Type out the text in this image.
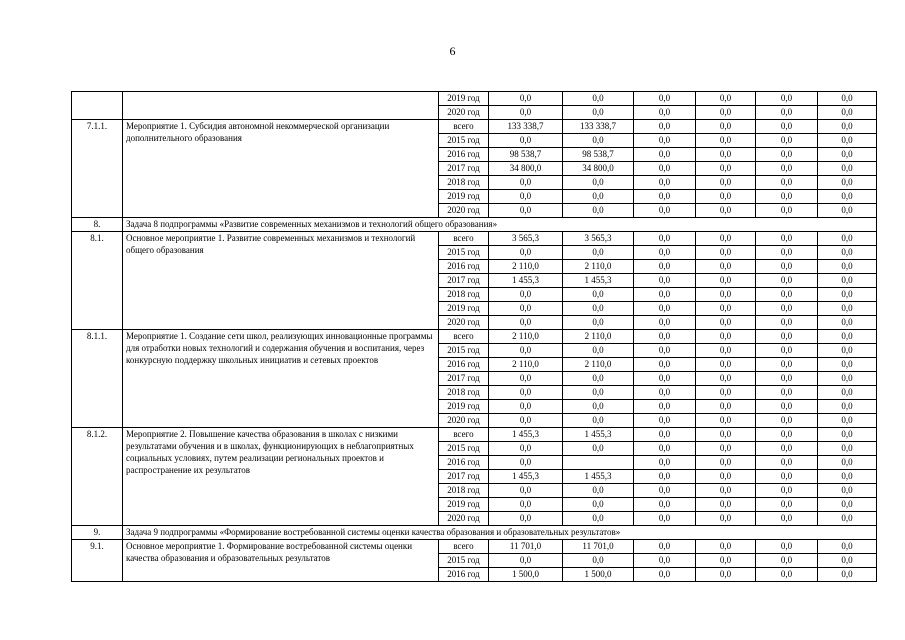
6
		2019 год	0,0	0,0	0,0	0,0	0,0	0,0
		2020 год	0,0	0,0	0,0	0,0	0,0	0,0
7.1.1.	Мероприятие 1. Субсидия автономной некоммерческой организации дополнительного образования	всего	133 338,7	133 338,7	0,0	0,0	0,0	0,0
		2015 год	0,0	0,0	0,0	0,0	0,0	0,0
		2016 год	98 538,7	98 538,7	0,0	0,0	0,0	0,0
		2017 год	34 800,0	34 800,0	0,0	0,0	0,0	0,0
		2018 год	0,0	0,0	0,0	0,0	0,0	0,0
		2019 год	0,0	0,0	0,0	0,0	0,0	0,0
		2020 год	0,0	0,0	0,0	0,0	0,0	0,0
8.	Задача 8 подпрограммы «Развитие современных механизмов и технологий общего образования»							
8.1.	Основное мероприятие 1. Развитие современных механизмов и технологий общего образования	всего	3 565,3	3 565,3	0,0	0,0	0,0	0,0
		2015 год	0,0	0,0	0,0	0,0	0,0	0,0
		2016 год	2 110,0	2 110,0	0,0	0,0	0,0	0,0
		2017 год	1 455,3	1 455,3	0,0	0,0	0,0	0,0
		2018 год	0,0	0,0	0,0	0,0	0,0	0,0
		2019 год	0,0	0,0	0,0	0,0	0,0	0,0
		2020 год	0,0	0,0	0,0	0,0	0,0	0,0
8.1.1.	Мероприятие 1. Создание сети школ, реализующих инновационные программы для отработки новых технологий и содержания обучения и воспитания, через конкурсную поддержку школьных инициатив и сетевых проектов	всего	2 110,0	2 110,0	0,0	0,0	0,0	0,0
		2015 год	0,0	0,0	0,0	0,0	0,0	0,0
		2016 год	2 110,0	2 110,0	0,0	0,0	0,0	0,0
		2017 год	0,0	0,0	0,0	0,0	0,0	0,0
		2018 год	0,0	0,0	0,0	0,0	0,0	0,0
		2019 год	0,0	0,0	0,0	0,0	0,0	0,0
		2020 год	0,0	0,0	0,0	0,0	0,0	0,0
8.1.2.	Мероприятие 2. Повышение качества образования в школах с низкими результатами обучения и в школах, функционирующих в неблагоприятных социальных условиях, путем реализации региональных проектов и распространение их результатов	всего	1 455,3	1 455,3	0,0	0,0	0,0	0,0
		2015 год	0,0	0,0	0,0	0,0	0,0	0,0
		2016 год	0,0		0,0	0,0	0,0	0,0
		2017 год	1 455,3	1 455,3	0,0	0,0	0,0	0,0
		2018 год	0,0	0,0	0,0	0,0	0,0	0,0
		2019 год	0,0	0,0	0,0	0,0	0,0	0,0
		2020 год	0,0	0,0	0,0	0,0	0,0	0,0
9.	Задача 9 подпрограммы «Формирование востребованной системы оценки качества образования и образовательных результатов»							
9.1.	Основное мероприятие 1. Формирование востребованной системы оценки качества образования и образовательных результатов	всего	11 701,0	11 701,0	0,0	0,0	0,0	0,0
		2015 год	0,0	0,0	0,0	0,0	0,0	0,0
		2016 год	1 500,0	1 500,0	0,0	0,0	0,0	0,0
